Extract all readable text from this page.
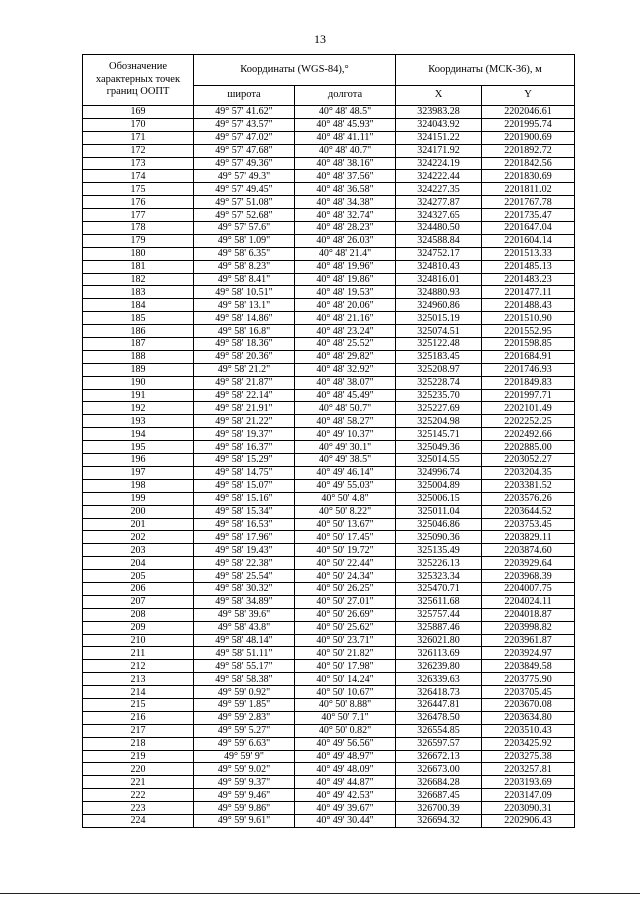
13
Обозначение характерных точек границ ООПТ	Координаты (WGS-84),°		Координаты (МСК-36), м	
	широта	долгота	X	Y
169	49° 57' 41.62"	40° 48' 48.5"	323983.28	2202046.61
170	49° 57' 43.57"	40° 48' 45.93"	324043.92	2201995.74
171	49° 57' 47.02"	40° 48' 41.11"	324151.22	2201900.69
172	49° 57' 47.68"	40° 48' 40.7"	324171.92	2201892.72
173	49° 57' 49.36"	40° 48' 38.16"	324224.19	2201842.56
174	49° 57' 49.3"	40° 48' 37.56"	324222.44	2201830.69
175	49° 57' 49.45"	40° 48' 36.58"	324227.35	2201811.02
176	49° 57' 51.08"	40° 48' 34.38"	324277.87	2201767.78
177	49° 57' 52.68"	40° 48' 32.74"	324327.65	2201735.47
178	49° 57' 57.6"	40° 48' 28.23"	324480.50	2201647.04
179	49° 58' 1.09"	40° 48' 26.03"	324588.84	2201604.14
180	49° 58' 6.35"	40° 48' 21.4"	324752.17	2201513.33
181	49° 58' 8.23"	40° 48' 19.96"	324810.43	2201485.13
182	49° 58' 8.41"	40° 48' 19.86"	324816.01	2201483.23
183	49° 58' 10.51"	40° 48' 19.53"	324880.93	2201477.11
184	49° 58' 13.1"	40° 48' 20.06"	324960.86	2201488.43
185	49° 58' 14.86"	40° 48' 21.16"	325015.19	2201510.90
186	49° 58' 16.8"	40° 48' 23.24"	325074.51	2201552.95
187	49° 58' 18.36"	40° 48' 25.52"	325122.48	2201598.85
188	49° 58' 20.36"	40° 48' 29.82"	325183.45	2201684.91
189	49° 58' 21.2"	40° 48' 32.92"	325208.97	2201746.93
190	49° 58' 21.87"	40° 48' 38.07"	325228.74	2201849.83
191	49° 58' 22.14"	40° 48' 45.49"	325235.70	2201997.71
192	49° 58' 21.91"	40° 48' 50.7"	325227.69	2202101.49
193	49° 58' 21.22"	40° 48' 58.27"	325204.98	2202252.25
194	49° 58' 19.37"	40° 49' 10.37"	325145.71	2202492.66
195	49° 58' 16.37"	40° 49' 30.1"	325049.36	2202885.00
196	49° 58' 15.29"	40° 49' 38.5"	325014.55	2203052.27
197	49° 58' 14.75"	40° 49' 46.14"	324996.74	2203204.35
198	49° 58' 15.07"	40° 49' 55.03"	325004.89	2203381.52
199	49° 58' 15.16"	40° 50' 4.8"	325006.15	2203576.26
200	49° 58' 15.34"	40° 50' 8.22"	325011.04	2203644.52
201	49° 58' 16.53"	40° 50' 13.67"	325046.86	2203753.45
202	49° 58' 17.96"	40° 50' 17.45"	325090.36	2203829.11
203	49° 58' 19.43"	40° 50' 19.72"	325135.49	2203874.60
204	49° 58' 22.38"	40° 50' 22.44"	325226.13	2203929.64
205	49° 58' 25.54"	40° 50' 24.34"	325323.34	2203968.39
206	49° 58' 30.32"	40° 50' 26.25"	325470.71	2204007.75
207	49° 58' 34.89"	40° 50' 27.01"	325611.68	2204024.11
208	49° 58' 39.6"	40° 50' 26.69"	325757.44	2204018.87
209	49° 58' 43.8"	40° 50' 25.62"	325887.46	2203998.82
210	49° 58' 48.14"	40° 50' 23.71"	326021.80	2203961.87
211	49° 58' 51.11"	40° 50' 21.82"	326113.69	2203924.97
212	49° 58' 55.17"	40° 50' 17.98"	326239.80	2203849.58
213	49° 58' 58.38"	40° 50' 14.24"	326339.63	2203775.90
214	49° 59' 0.92"	40° 50' 10.67"	326418.73	2203705.45
215	49° 59' 1.85"	40° 50' 8.88"	326447.81	2203670.08
216	49° 59' 2.83"	40° 50' 7.1"	326478.50	2203634.80
217	49° 59' 5.27"	40° 50' 0.82"	326554.85	2203510.43
218	49° 59' 6.63"	40° 49' 56.56"	326597.57	2203425.92
219	49° 59' 9"	40° 49' 48.97"	326672.13	2203275.38
220	49° 59' 9.02"	40° 49' 48.09"	326673.00	2203257.81
221	49° 59' 9.37"	40° 49' 44.87"	326684.28	2203193.69
222	49° 59' 9.46"	40° 49' 42.53"	326687.45	2203147.09
223	49° 59' 9.86"	40° 49' 39.67"	326700.39	2203090.31
224	49° 59' 9.61"	40° 49' 30.44"	326694.32	2202906.43
